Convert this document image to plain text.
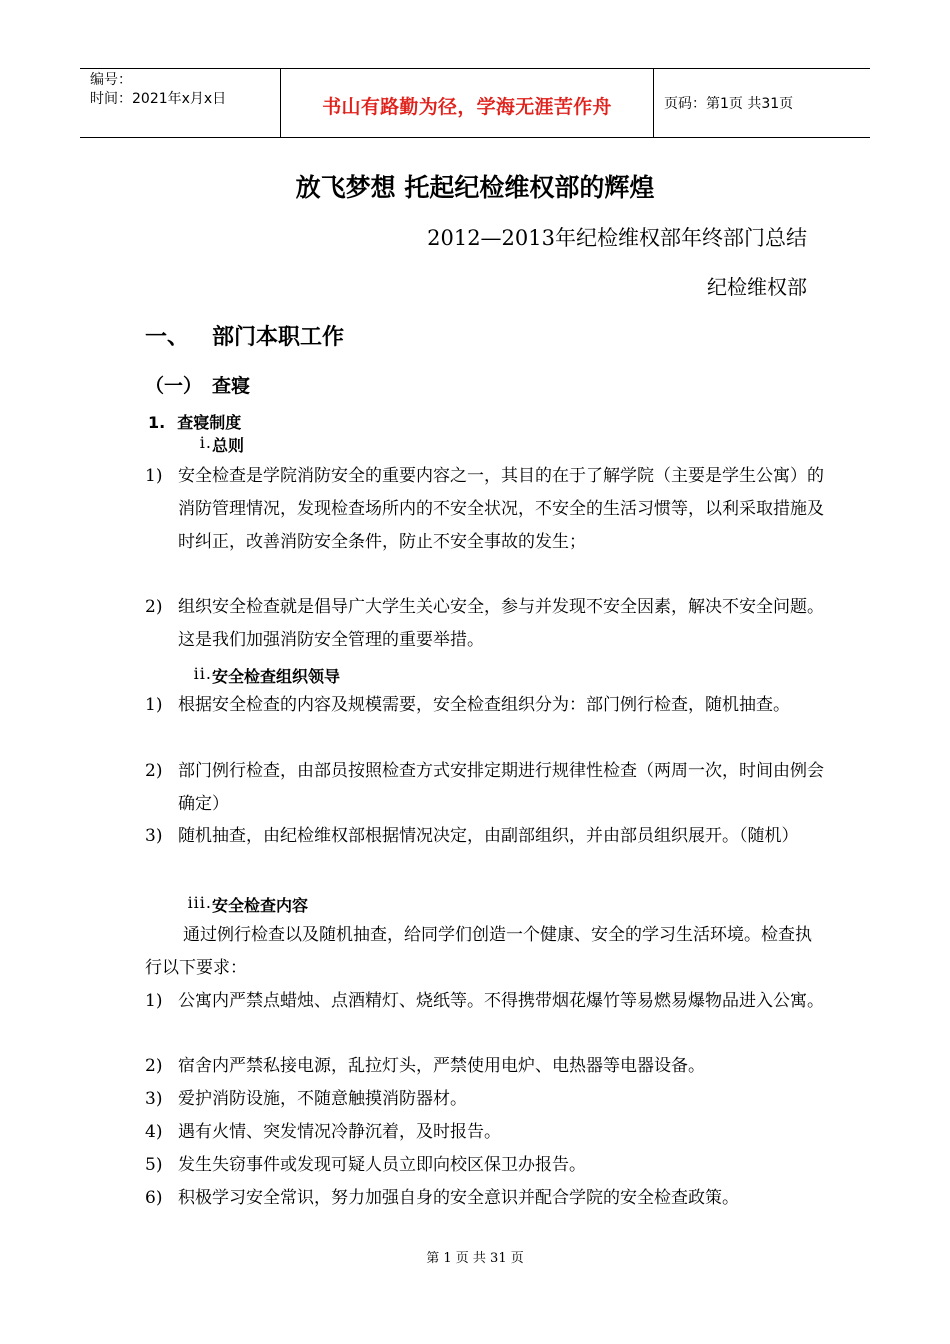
编号：
时间：2021年x月x日	书山有路勤为径，学海无涯苦作舟	页码：第1页 共31页
放飞梦想 托起纪检维权部的辉煌
2012—2013年纪检维权部年终部门总结
纪检维权部
一、 部门本职工作
（一） 查寝
1. 查寝制度
i. 总则
1) 安全检查是学院消防安全的重要内容之一，其目的在于了解学院（主要是学生公寓）的消防管理情况，发现检查场所内的不安全状况，不安全的生活习惯等，以利采取措施及时纠正，改善消防安全条件，防止不安全事故的发生；
2) 组织安全检查就是倡导广大学生关心安全，参与并发现不安全因素，解决不安全问题。这是我们加强消防安全管理的重要举措。
ii. 安全检查组织领导
1) 根据安全检查的内容及规模需要，安全检查组织分为：部门例行检查，随机抽查。
2) 部门例行检查，由部员按照检查方式安排定期进行规律性检查（两周一次，时间由例会确定）
3) 随机抽查，由纪检维权部根据情况决定，由副部组织，并由部员组织展开。（随机）
iii. 安全检查内容
通过例行检查以及随机抽查，给同学们创造一个健康、安全的学习生活环境。检查执行以下要求：
1) 公寓内严禁点蜡烛、点酒精灯、烧纸等。不得携带烟花爆竹等易燃易爆物品进入公寓。
2) 宿舍内严禁私接电源，乱拉灯头，严禁使用电炉、电热器等电器设备。
3) 爱护消防设施，不随意触摸消防器材。
4) 遇有火情、突发情况冷静沉着，及时报告。
5) 发生失窃事件或发现可疑人员立即向校区保卫办报告。
6) 积极学习安全常识，努力加强自身的安全意识并配合学院的安全检查政策。
第 1 页 共 31 页
